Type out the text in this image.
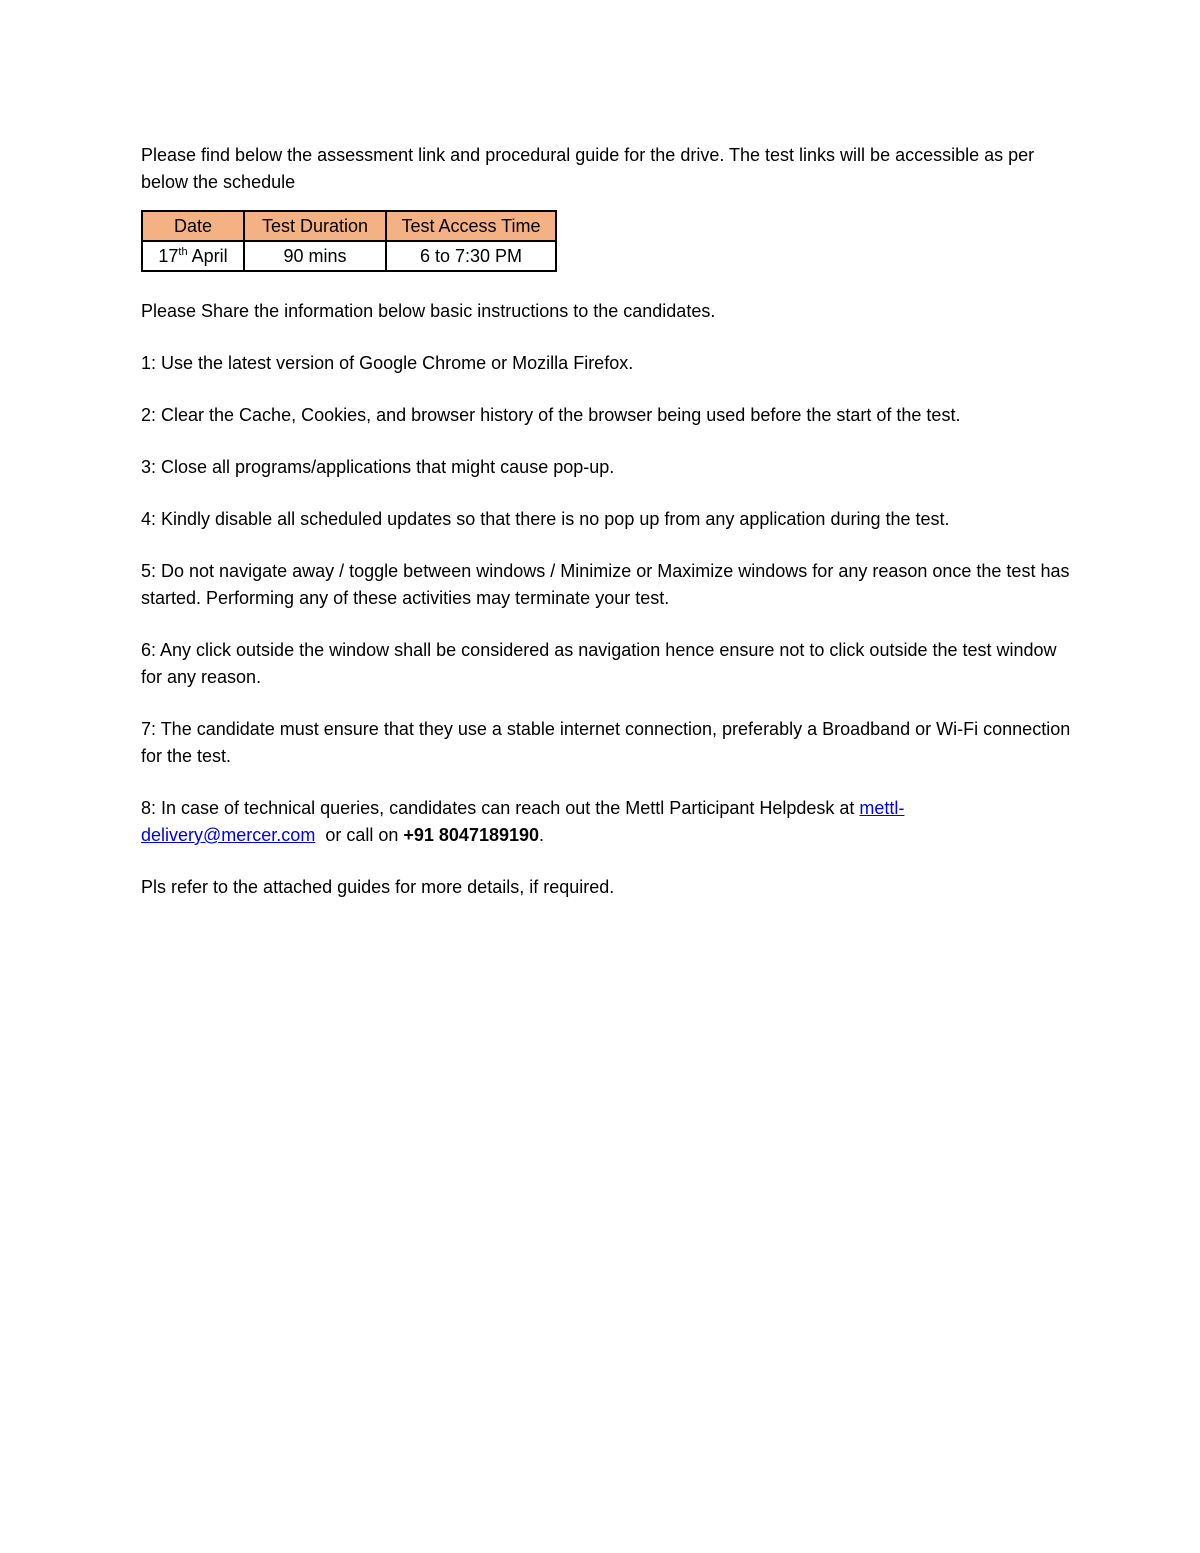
Please find below the assessment link and procedural guide for the drive. The test links will be accessible as per below the schedule

Date	Test Duration	Test Access Time
17th April	90 mins	6 to 7:30 PM

Please Share the information below basic instructions to the candidates.

1: Use the latest version of Google Chrome or Mozilla Firefox.

2: Clear the Cache, Cookies, and browser history of the browser being used before the start of the test.

3: Close all programs/applications that might cause pop-up.

4: Kindly disable all scheduled updates so that there is no pop up from any application during the test.

5: Do not navigate away / toggle between windows / Minimize or Maximize windows for any reason once the test has started. Performing any of these activities may terminate your test.

6: Any click outside the window shall be considered as navigation hence ensure not to click outside the test window for any reason.

7: The candidate must ensure that they use a stable internet connection, preferably a Broadband or Wi-Fi connection for the test.

8: In case of technical queries, candidates can reach out the Mettl Participant Helpdesk at mettl-delivery@mercer.com  or call on +91 8047189190.

Pls refer to the attached guides for more details, if required.
